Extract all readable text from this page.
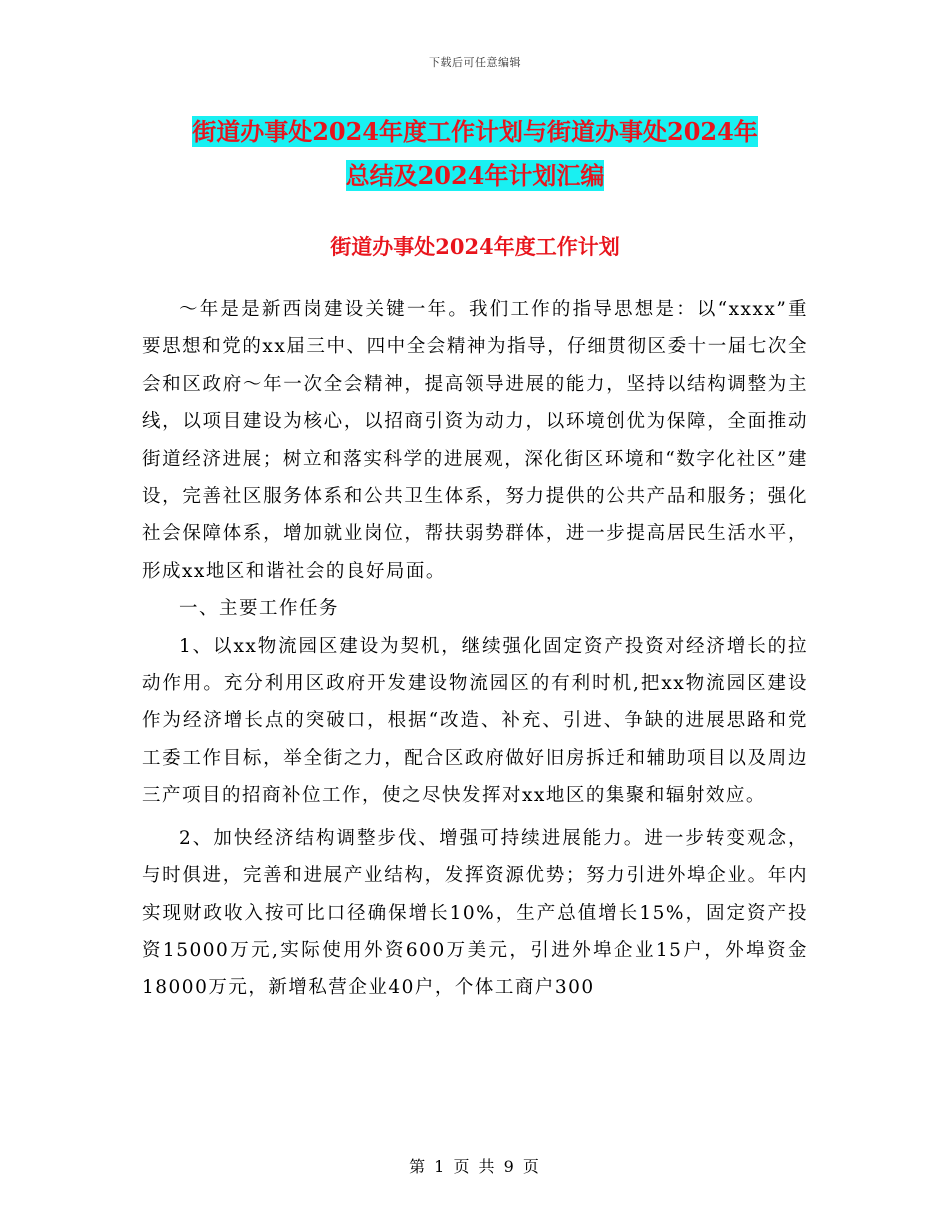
下载后可任意编辑
街道办事处2024年度工作计划与街道办事处2024年
总结及2024年计划汇编
街道办事处2024年度工作计划

～年是是新西岗建设关键一年。我们工作的指导思想是：以“xxxx”重要思想和党的xx届三中、四中全会精神为指导，仔细贯彻区委十一届七次全会和区政府～年一次全会精神，提高领导进展的能力，坚持以结构调整为主线，以项目建设为核心，以招商引资为动力，以环境创优为保障，全面推动街道经济进展；树立和落实科学的进展观，深化街区环境和“数字化社区”建设，完善社区服务体系和公共卫生体系，努力提供的公共产品和服务；强化社会保障体系，增加就业岗位，帮扶弱势群体，进一步提高居民生活水平，形成xx地区和谐社会的良好局面。

一、主要工作任务

1、以xx物流园区建设为契机，继续强化固定资产投资对经济增长的拉动作用。充分利用区政府开发建设物流园区的有利时机,把xx物流园区建设作为经济增长点的突破口，根据“改造、补充、引进、争缺的进展思路和党工委工作目标，举全街之力，配合区政府做好旧房拆迁和辅助项目以及周边三产项目的招商补位工作，使之尽快发挥对xx地区的集聚和辐射效应。

2、加快经济结构调整步伐、增强可持续进展能力。进一步转变观念，与时俱进，完善和进展产业结构，发挥资源优势；努力引进外埠企业。年内实现财政收入按可比口径确保增长10%，生产总值增长15%，固定资产投资15000万元,实际使用外资600万美元，引进外埠企业15户，外埠资金18000万元，新增私营企业40户，个体工商户300

第 1 页 共 9 页
